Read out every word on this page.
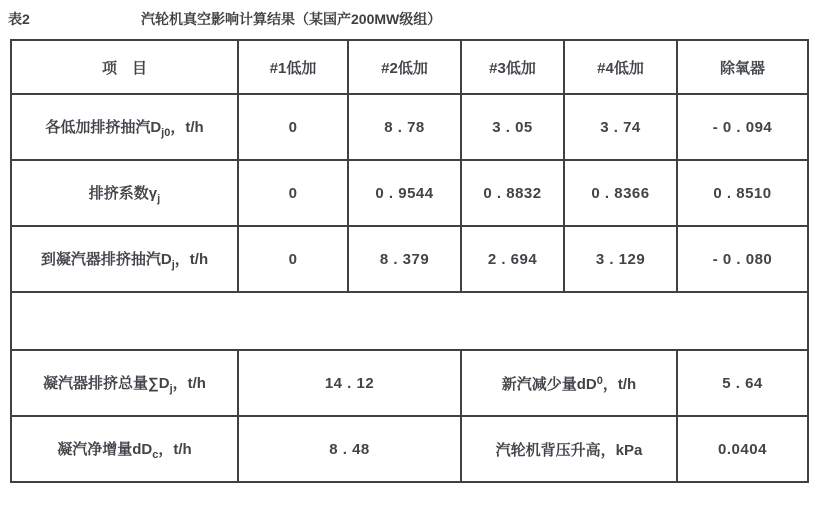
表2	汽轮机真空影响计算结果（某国产200MW级组）
项　目	#1低加	#2低加	#3低加	#4低加	除氧器
各低加排挤抽汽$D_{j0}$，t/h	0	8 . 78	3 . 05	3 . 74	- 0 . 094
排挤系数$\gamma_j$	0	0 . 9544	0 . 8832	0 . 8366	0 . 8510
到凝汽器排挤抽汽$D_j$，t/h	0	8 . 379	2 . 694	3 . 129	- 0 . 080

凝汽器排挤总量$\sum D_j$，t/h	14 . 12		新汽减少量$dD^0$，t/h		5 . 64
凝汽净增量$dD_c$，t/h	8 . 48		汽轮机背压升高，kPa		0.0404
